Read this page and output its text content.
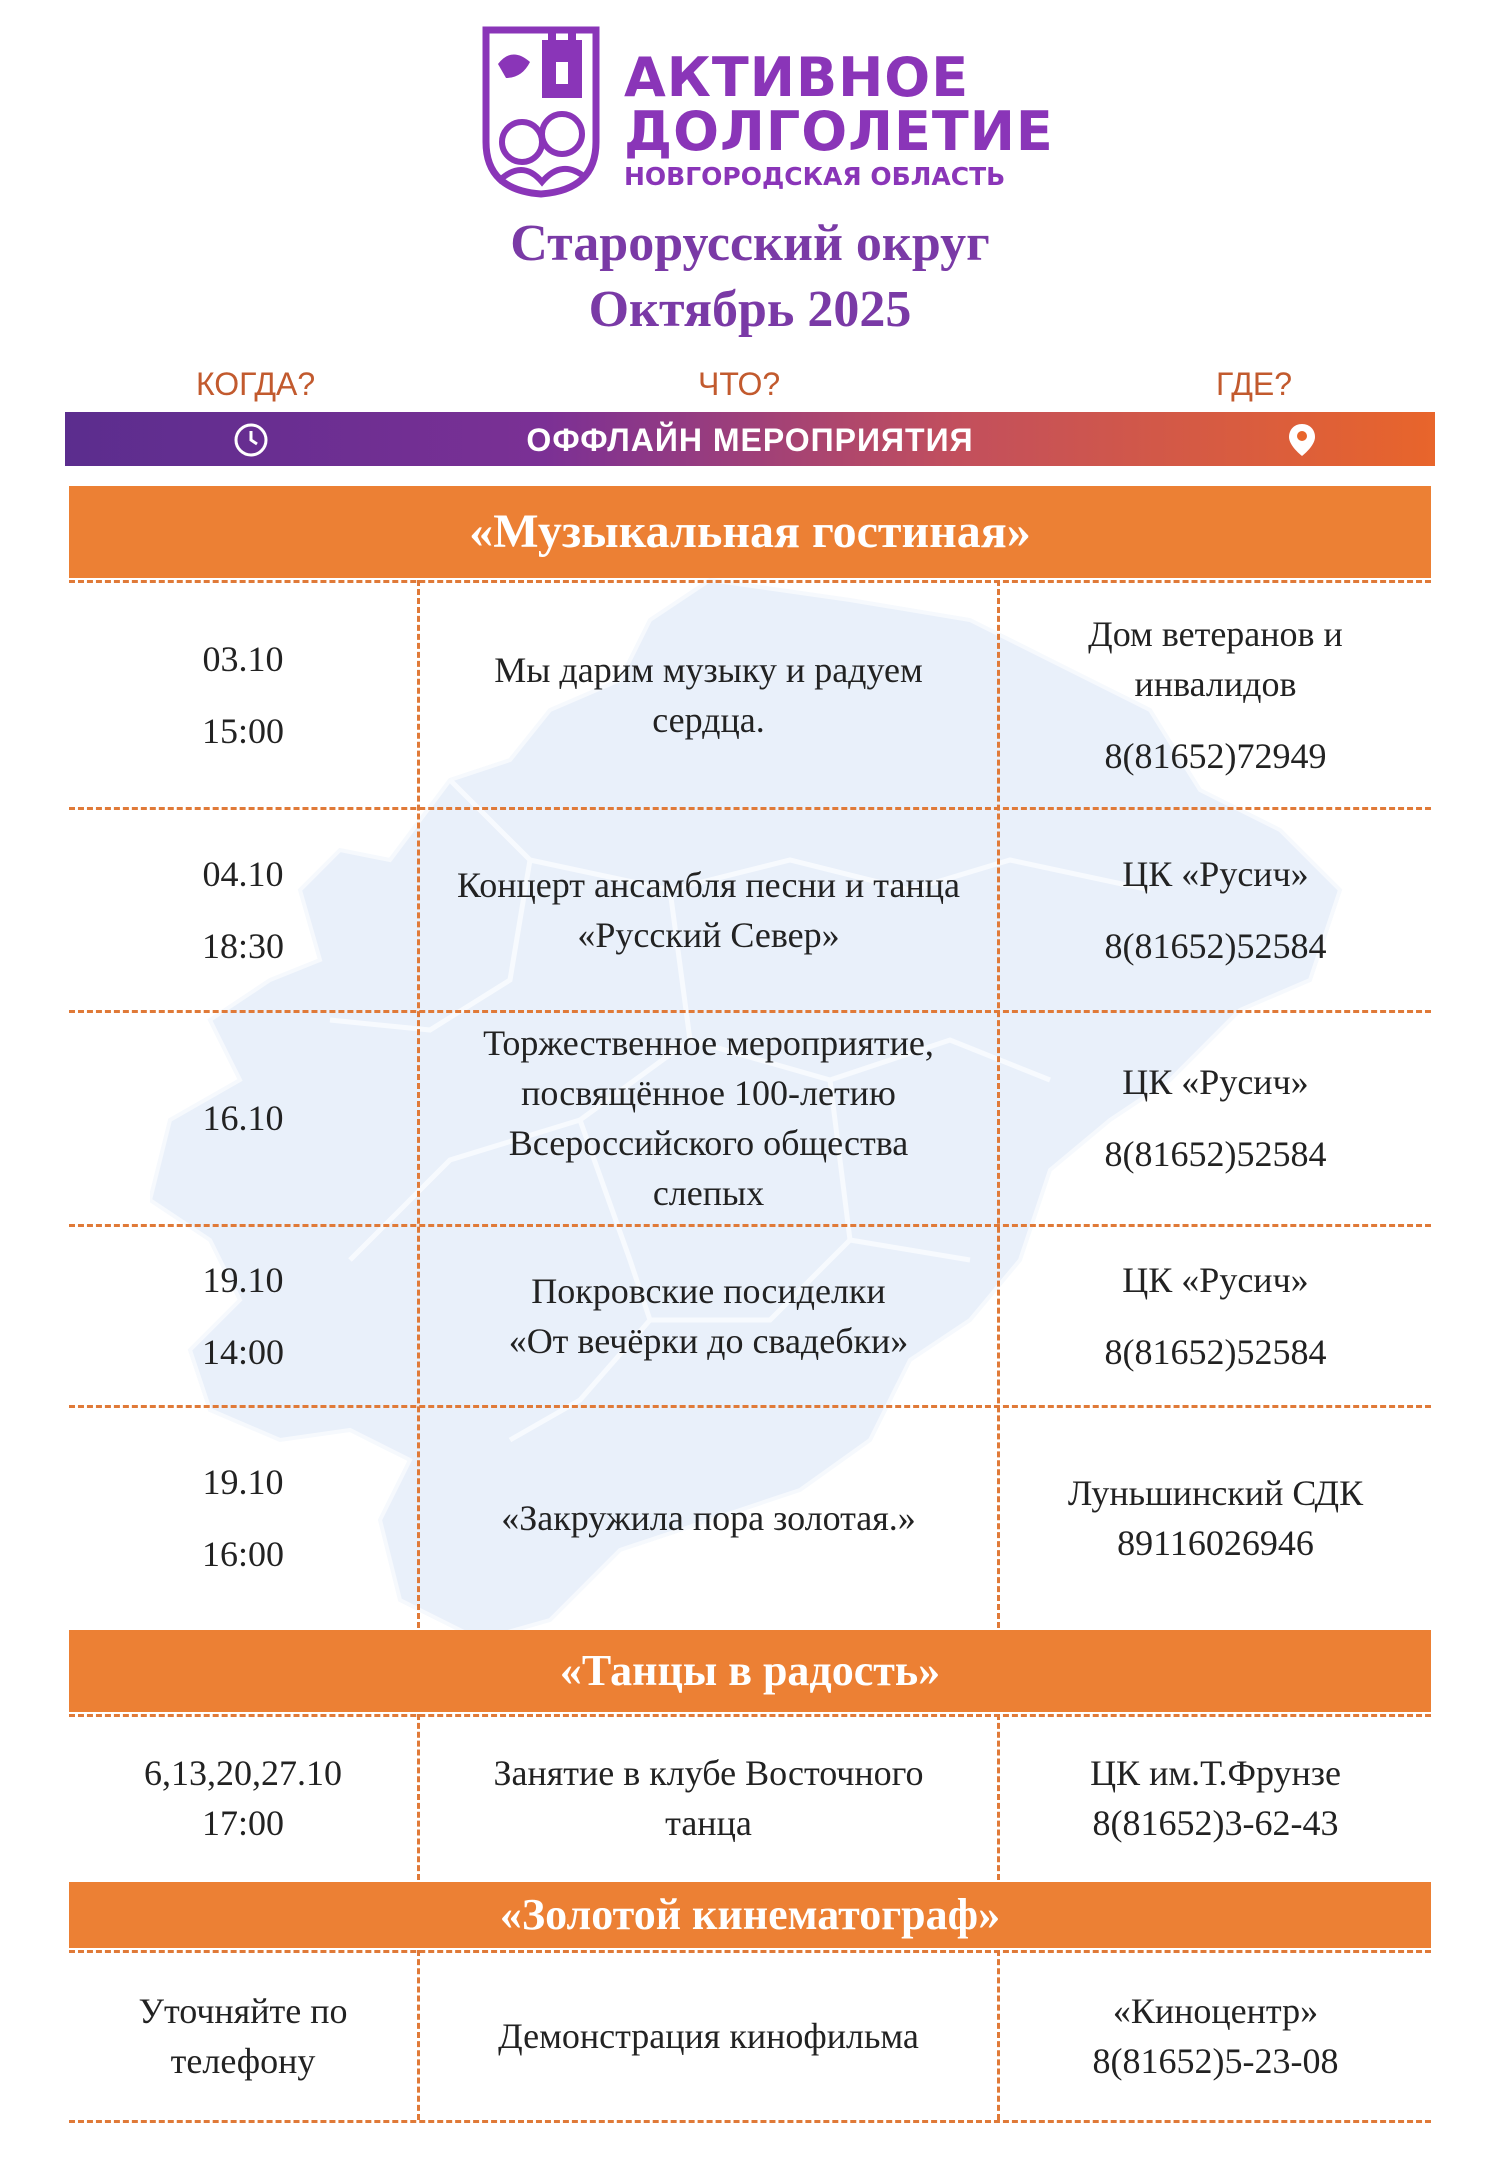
АКТИВНОЕ
ДОЛГОЛЕТИЕ
НОВГОРОДСКАЯ ОБЛАСТЬ
Старорусский округ
Октябрь 2025
КОГДА?	ЧТО?	ГДЕ?
ОФФЛАЙН МЕРОПРИЯТИЯ
«Музыкальная гостиная»
03.10
15:00
Мы дарим музыку и радуем
сердца.
Дом ветеранов и
инвалидов
8(81652)72949
04.10
18:30
Концерт ансамбля песни и танца
«Русский Север»
ЦК «Русич»
8(81652)52584
16.10
Торжественное мероприятие,
посвящённое 100-летию
Всероссийского общества
слепых
ЦК «Русич»
8(81652)52584
19.10
14:00
Покровские посиделки
«От вечёрки до свадебки»
ЦК «Русич»
8(81652)52584
19.10
16:00
«Закружила пора золотая.»
Луньшинский СДК
89116026946
«Танцы в радость»
6,13,20,27.10
17:00
Занятие в клубе Восточного
танца
ЦК им.Т.Фрунзе
8(81652)3-62-43
«Золотой кинематограф»
Уточняйте по
телефону
Демонстрация кинофильма
«Киноцентр»
8(81652)5-23-08
